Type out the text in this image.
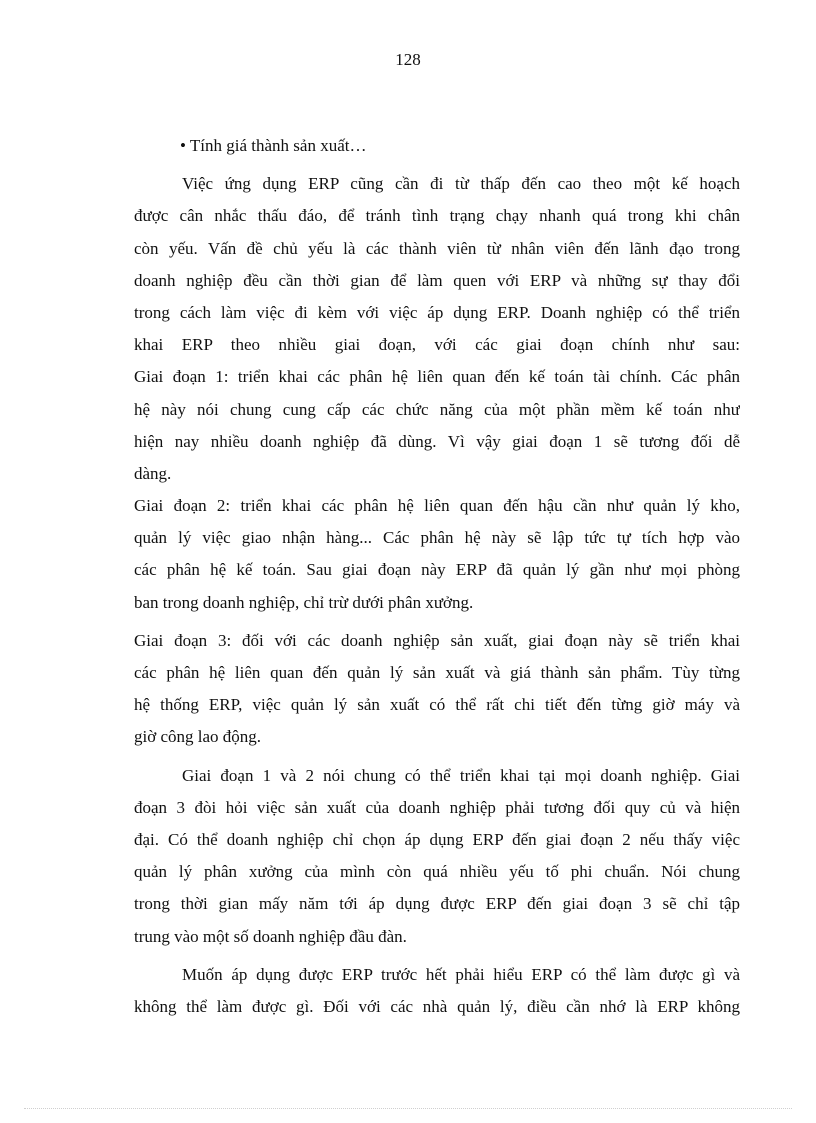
128
• Tính giá thành sản xuất…
Việc ứng dụng ERP cũng cần đi từ thấp đến cao theo một kế hoạch
được cân nhắc thấu đáo, để tránh tình trạng chạy nhanh quá trong khi chân
còn yếu. Vấn đề chủ yếu là các thành viên từ nhân viên đến lãnh đạo trong
doanh nghiệp đều cần thời gian để làm quen với ERP và những sự thay đổi
trong cách làm việc đi kèm với việc áp dụng ERP. Doanh nghiệp có thể triển
khai ERP theo nhiều giai đoạn, với các giai đoạn chính như sau:
Giai đoạn 1: triển khai các phân hệ liên quan đến kế toán tài chính. Các phân
hệ này nói chung cung cấp các chức năng của một phần mềm kế toán như
hiện nay nhiều doanh nghiệp đã dùng. Vì vậy giai đoạn 1 sẽ tương đối dễ
dàng.
Giai đoạn 2: triển khai các phân hệ liên quan đến hậu cần như quản lý kho,
quản lý việc giao nhận hàng... Các phân hệ này sẽ lập tức tự tích hợp vào
các phân hệ kế toán. Sau giai đoạn này ERP đã quản lý gần như mọi phòng
ban trong doanh nghiệp, chỉ trừ dưới phân xưởng.
Giai đoạn 3: đối với các doanh nghiệp sản xuất, giai đoạn này sẽ triển khai
các phân hệ liên quan đến quản lý sản xuất và giá thành sản phẩm. Tùy từng
hệ thống ERP, việc quản lý sản xuất có thể rất chi tiết đến từng giờ máy và
giờ công lao động.
Giai đoạn 1 và 2 nói chung có thể triển khai tại mọi doanh nghiệp. Giai
đoạn 3 đòi hỏi việc sản xuất của doanh nghiệp phải tương đối quy củ và hiện
đại. Có thể doanh nghiệp chỉ chọn áp dụng ERP đến giai đoạn 2 nếu thấy việc
quản lý phân xưởng của mình còn quá nhiều yếu tố phi chuẩn. Nói chung
trong thời gian mấy năm tới áp dụng được ERP đến giai đoạn 3 sẽ chỉ tập
trung vào một số doanh nghiệp đầu đàn.
Muốn áp dụng được ERP trước hết phải hiểu ERP có thể làm được gì và
không thể làm được gì. Đối với các nhà quản lý, điều cần nhớ là ERP không
